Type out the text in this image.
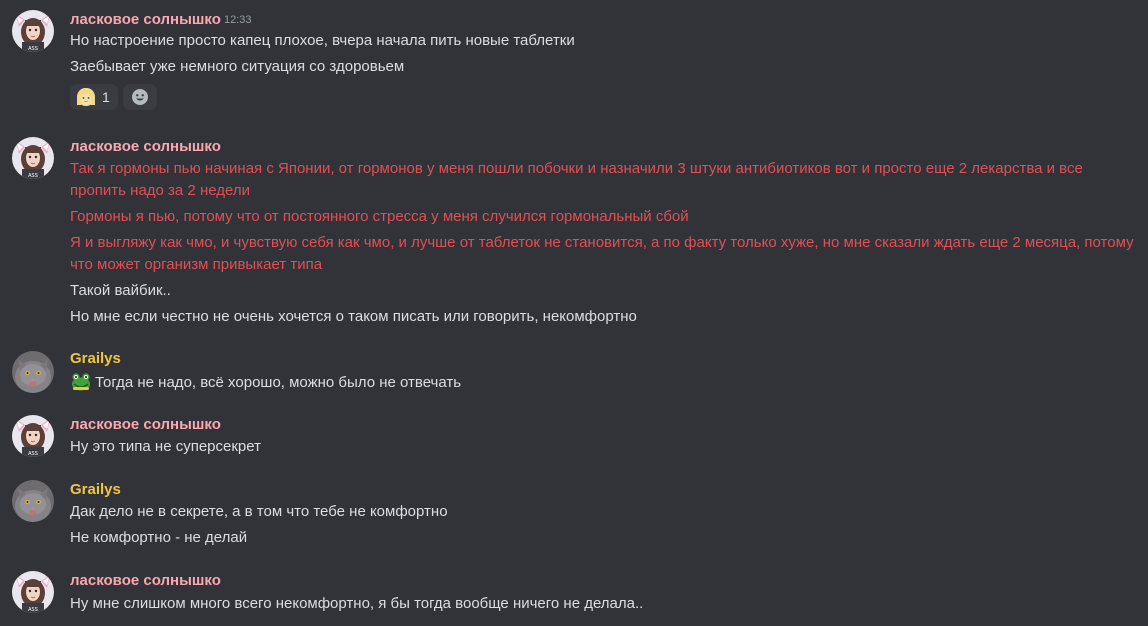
ласковое солнышко 12:33
Но настроение просто капец плохое, вчера начала пить новые таблетки
Заебывает уже немного ситуация со здоровьем
1
ласковое солнышко
Так я гормоны пью начиная с Японии, от гормонов у меня пошли побочки и назначили 3 штуки антибиотиков вот и просто еще 2 лекарства и все
пропить надо за 2 недели
Гормоны я пью, потому что от постоянного стресса у меня случился гормональный сбой
Я и выгляжу как чмо, и чувствую себя как чмо, и лучше от таблеток не становится, а по факту только хуже, но мне сказали ждать еще 2 месяца, потому
что может организм привыкает типа
Такой вайбик..
Но мне если честно не очень хочется о таком писать или говорить, некомфортно
Grailys
Тогда не надо, всё хорошо, можно было не отвечать
ласковое солнышко
Ну это типа не суперсекрет
Grailys
Дак дело не в секрете, а в том что тебе не комфортно
Не комфортно - не делай
ласковое солнышко
Ну мне слишком много всего некомфортно, я бы тогда вообще ничего не делала..
